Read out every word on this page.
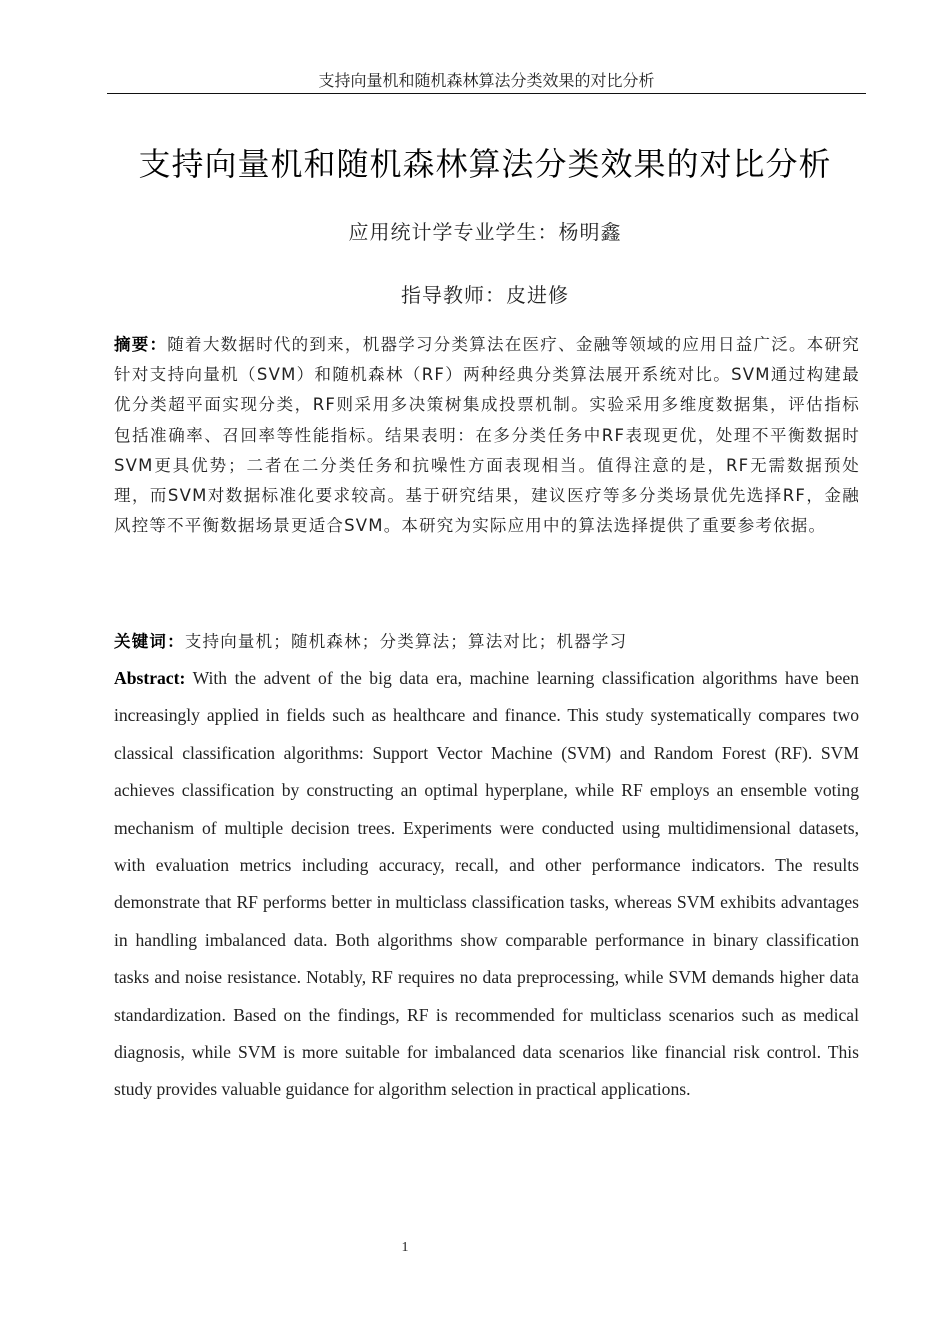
支持向量机和随机森林算法分类效果的对比分析
支持向量机和随机森林算法分类效果的对比分析
应用统计学专业学生：杨明鑫
指导教师：皮进修

摘要：随着大数据时代的到来，机器学习分类算法在医疗、金融等领域的应用日益广泛。本研究针对支持向量机（SVM）和随机森林（RF）两种经典分类算法展开系统对比。SVM通过构建最优分类超平面实现分类，RF则采用多决策树集成投票机制。实验采用多维度数据集，评估指标包括准确率、召回率等性能指标。结果表明：在多分类任务中RF表现更优，处理不平衡数据时SVM更具优势；二者在二分类任务和抗噪性方面表现相当。值得注意的是，RF无需数据预处理，而SVM对数据标准化要求较高。基于研究结果，建议医疗等多分类场景优先选择RF，金融风控等不平衡数据场景更适合SVM。本研究为实际应用中的算法选择提供了重要参考依据。

关键词：支持向量机；随机森林；分类算法；算法对比；机器学习

Abstract: With the advent of the big data era, machine learning classification algorithms have been increasingly applied in fields such as healthcare and finance. This study systematically compares two classical classification algorithms: Support Vector Machine (SVM) and Random Forest (RF). SVM achieves classification by constructing an optimal hyperplane, while RF employs an ensemble voting mechanism of multiple decision trees. Experiments were conducted using multidimensional datasets, with evaluation metrics including accuracy, recall, and other performance indicators. The results demonstrate that RF performs better in multiclass classification tasks, whereas SVM exhibits advantages in handling imbalanced data. Both algorithms show comparable performance in binary classification tasks and noise resistance. Notably, RF requires no data preprocessing, while SVM demands higher data standardization. Based on the findings, RF is recommended for multiclass scenarios such as medical diagnosis, while SVM is more suitable for imbalanced data scenarios like financial risk control. This study provides valuable guidance for algorithm selection in practical applications.

1
